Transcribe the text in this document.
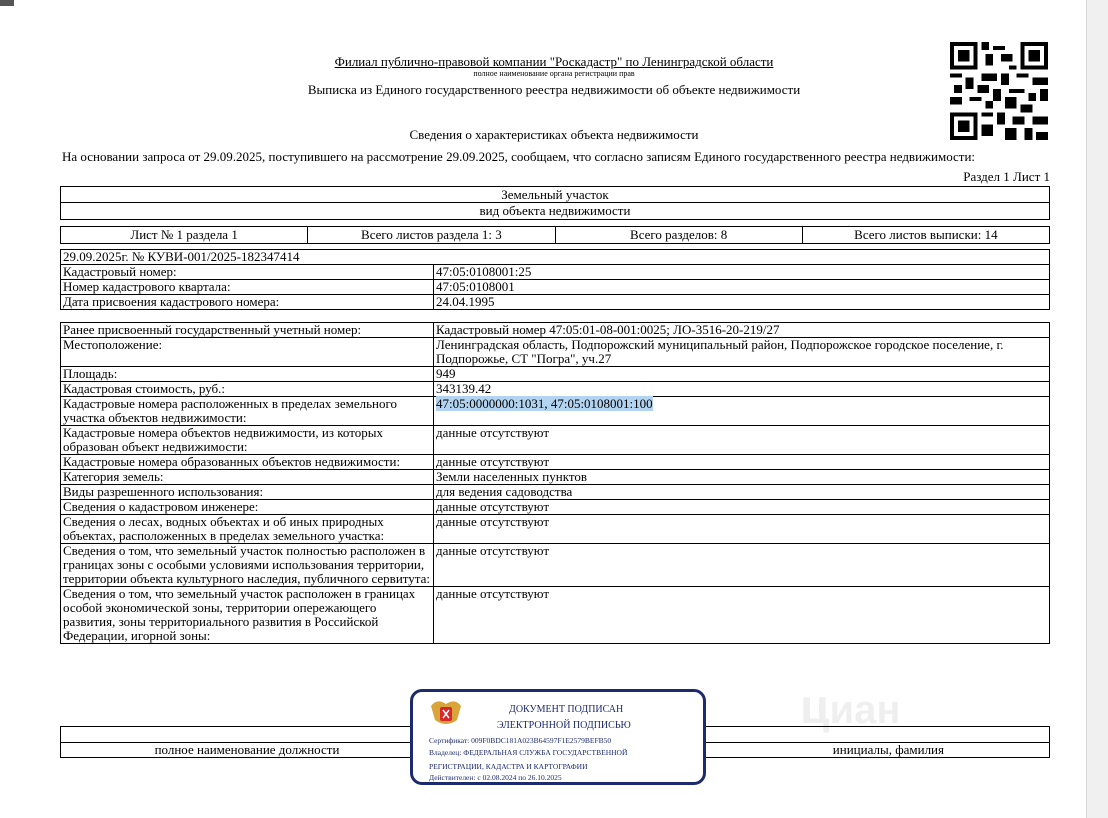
Филиал публично-правовой компании "Роскадастр" по Ленинградской области
полное наименование органа регистрации прав
Выписка из Единого государственного реестра недвижимости об объекте недвижимости
Сведения о характеристиках объекта недвижимости
На основании запроса от 29.09.2025, поступившего на рассмотрение 29.09.2025, сообщаем, что согласно записям Единого государственного реестра недвижимости:
Раздел 1 Лист 1
Земельный участок
вид объекта недвижимости
Лист № 1 раздела 1	Всего листов раздела 1: 3	Всего разделов: 8	Всего листов выписки: 14
29.09.2025г. № КУВИ-001/2025-182347414	
Кадастровый номер:	47:05:0108001:25
Номер кадастрового квартала:	47:05:0108001
Дата присвоения кадастрового номера:	24.04.1995
Ранее присвоенный государственный учетный номер:	Кадастровый номер 47:05:01-08-001:0025; ЛО-3516-20-219/27
Местоположение:	Ленинградская область, Подпорожский муниципальный район, Подпорожское городское поселение, г. Подпорожье, СТ "Погра", уч.27
Площадь:	949
Кадастровая стоимость, руб.:	343139.42
Кадастровые номера расположенных в пределах земельного участка объектов недвижимости:	47:05:0000000:1031, 47:05:0108001:100
Кадастровые номера объектов недвижимости, из которых образован объект недвижимости:	данные отсутствуют
Кадастровые номера образованных объектов недвижимости:	данные отсутствуют
Категория земель:	Земли населенных пунктов
Виды разрешенного использования:	для ведения садоводства
Сведения о кадастровом инженере:	данные отсутствуют
Сведения о лесах, водных объектах и об иных природных объектах, расположенных в пределах земельного участка:	данные отсутствуют
Сведения о том, что земельный участок полностью расположен в границах зоны с особыми условиями использования территории, территории объекта культурного наследия, публичного сервитута:	данные отсутствуют
Сведения о том, что земельный участок расположен в границах особой экономической зоны, территории опережающего развития, зоны территориального развития в Российской Федерации, игорной зоны:	данные отсутствуют

полное наименование должности	инициалы, фамилия
циан
ДОКУМЕНТ ПОДПИСАН
ЭЛЕКТРОННОЙ ПОДПИСЬЮ
Сертификат: 009F0BDC181A023B64597F1E2579BEFB50
Владелец: ФЕДЕРАЛЬНАЯ СЛУЖБА ГОСУДАРСТВЕННОЙ
РЕГИСТРАЦИИ, КАДАСТРА И КАРТОГРАФИИ
Действителен: с 02.08.2024 по 26.10.2025
